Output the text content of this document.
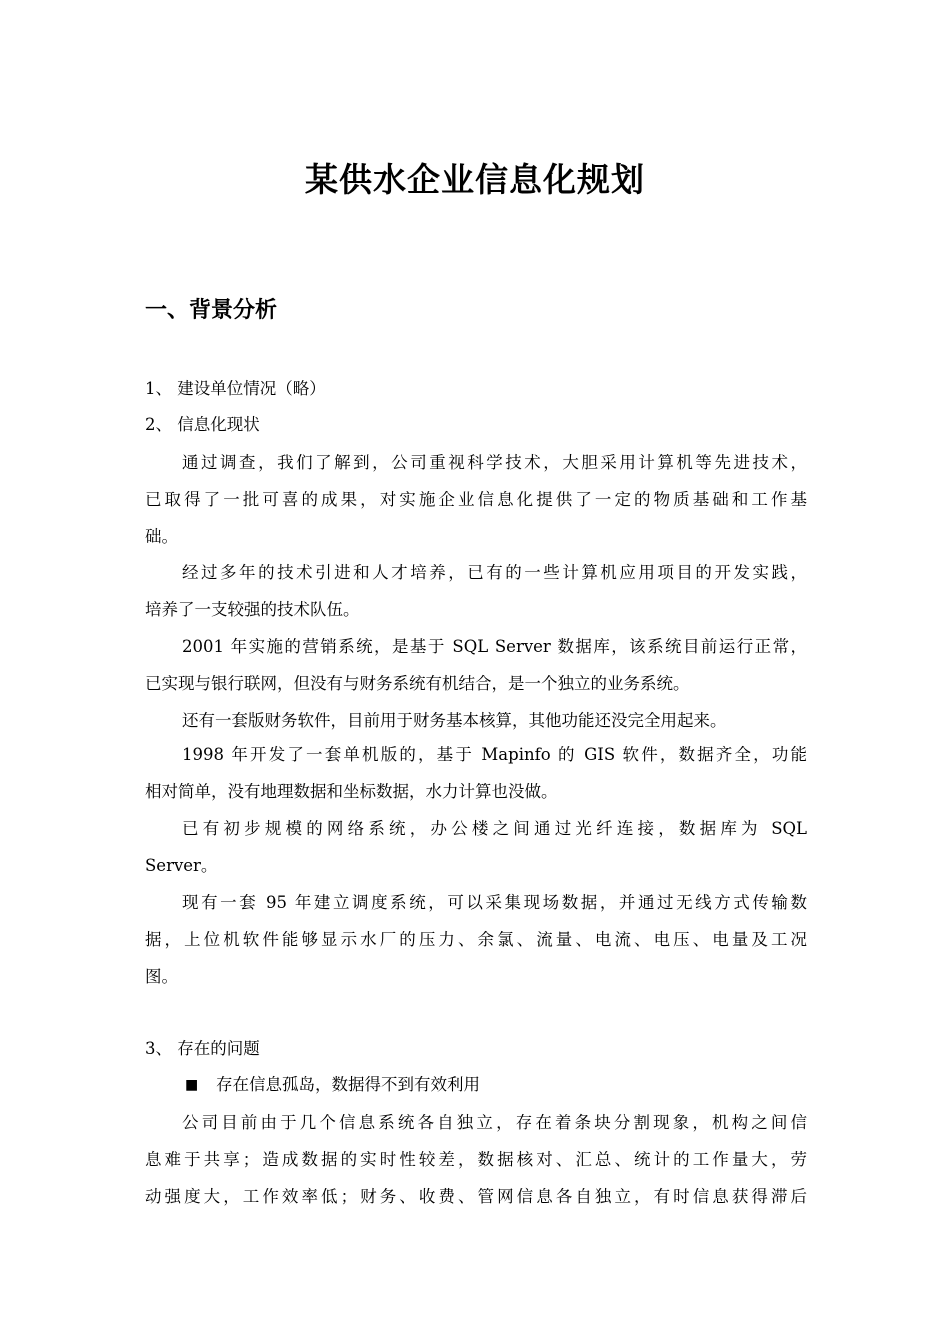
某供水企业信息化规划
一、背景分析
1、 建设单位情况（略）
2、 信息化现状
通过调查，我们了解到，公司重视科学技术，大胆采用计算机等先进技术，
已取得了一批可喜的成果，对实施企业信息化提供了一定的物质基础和工作基
础。
经过多年的技术引进和人才培养，已有的一些计算机应用项目的开发实践，
培养了一支较强的技术队伍。
2001 年实施的营销系统，是基于 SQL Server 数据库，该系统目前运行正常，
已实现与银行联网，但没有与财务系统有机结合，是一个独立的业务系统。
还有一套版财务软件，目前用于财务基本核算，其他功能还没完全用起来。
1998 年开发了一套单机版的，基于 Mapinfo 的 GIS 软件，数据齐全，功能
相对简单，没有地理数据和坐标数据，水力计算也没做。
已有初步规模的网络系统，办公楼之间通过光纤连接，数据库为 SQL
Server。
现有一套 95 年建立调度系统，可以采集现场数据，并通过无线方式传输数
据，上位机软件能够显示水厂的压力、余氯、流量、电流、电压、电量及工况
图。
3、 存在的问题
■ 存在信息孤岛，数据得不到有效利用
公司目前由于几个信息系统各自独立，存在着条块分割现象，机构之间信
息难于共享；造成数据的实时性较差，数据核对、汇总、统计的工作量大，劳
动强度大，工作效率低；财务、收费、管网信息各自独立，有时信息获得滞后
